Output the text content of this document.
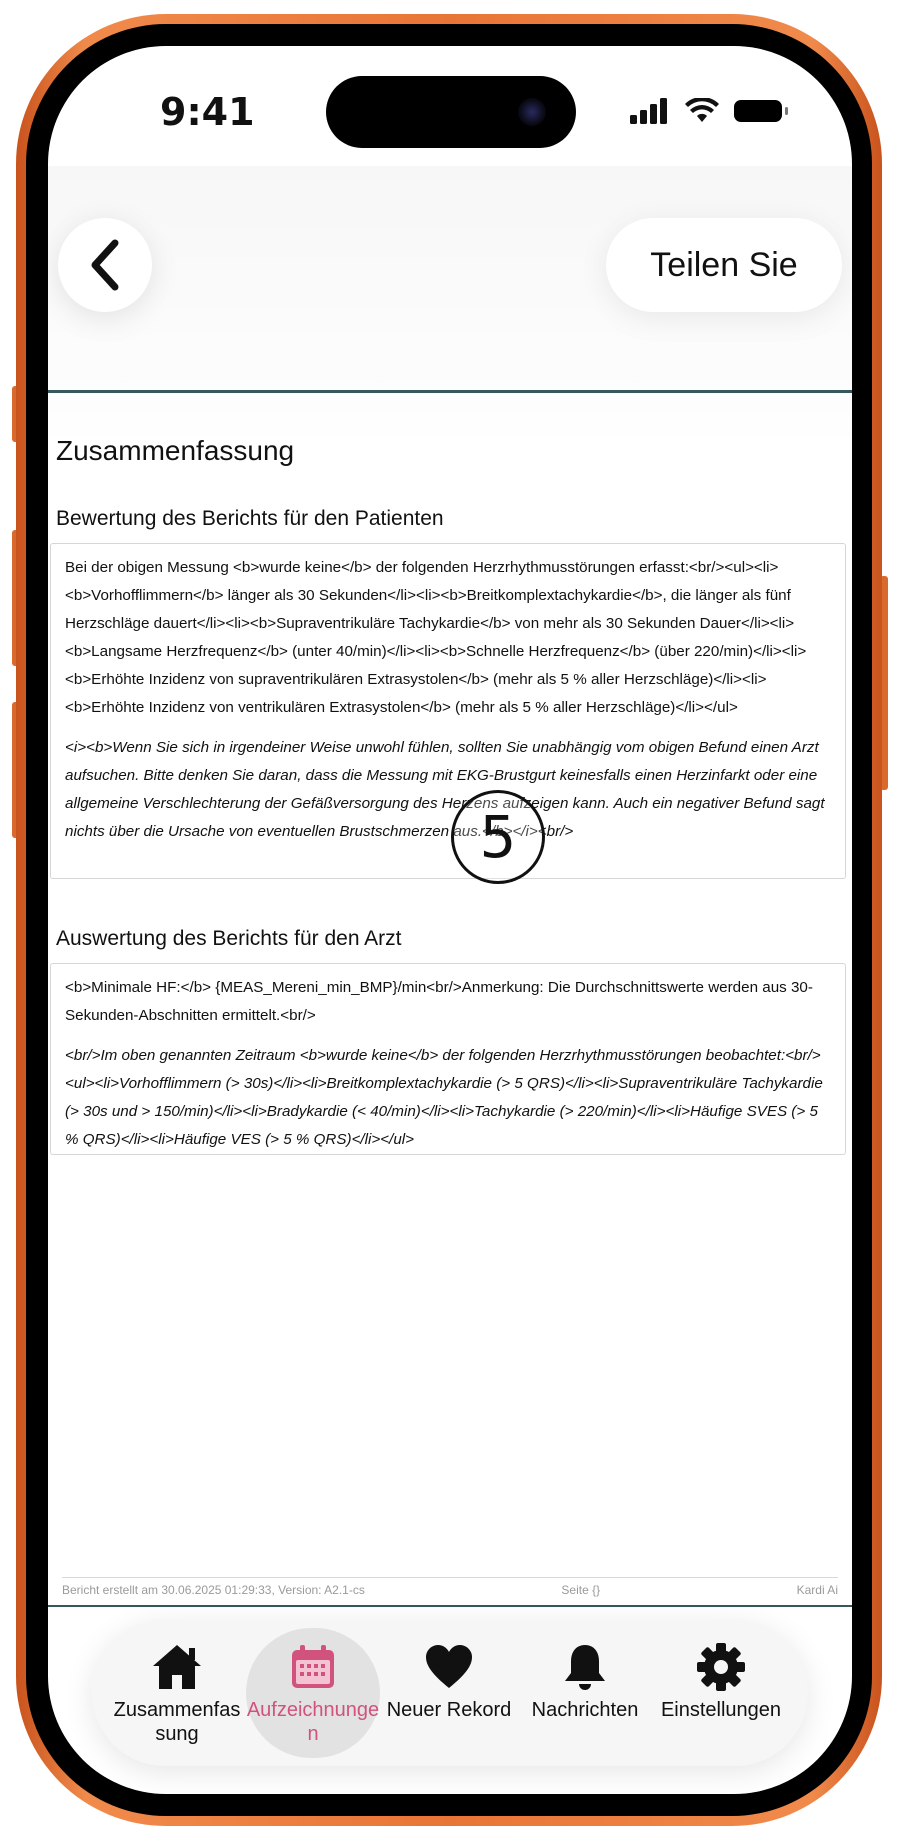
9:41
Teilen Sie
Zusammenfassung
Bewertung des Berichts für den Patienten

Bei der obigen Messung <b>wurde keine</b> der folgenden Herzrhythmusstörungen erfasst:<br/><ul><li><b>Vorhofflimmern</b> länger als 30 Sekunden</li><li><b>Breitkomplextachykardie</b>, die länger als fünf Herzschläge dauert</li><li><b>Supraventrikuläre Tachykardie</b> von mehr als 30 Sekunden Dauer</li><li><b>Langsame Herzfrequenz</b> (unter 40/min)</li><li><b>Schnelle Herzfrequenz</b> (über 220/min)</li><li><b>Erhöhte Inzidenz von supraventrikulären Extrasystolen</b> (mehr als 5 % aller Herzschläge)</li><li><b>Erhöhte Inzidenz von ventrikulären Extrasystolen</b> (mehr als 5 % aller Herzschläge)</li></ul>

<i><b>Wenn Sie sich in irgendeiner Weise unwohl fühlen, sollten Sie unabhängig vom obigen Befund einen Arzt aufsuchen. Bitte denken Sie daran, dass die Messung mit EKG-Brustgurt keinesfalls einen Herzinfarkt oder eine allgemeine Verschlechterung der Gefäßversorgung des Herzens aufzeigen kann. Auch ein negativer Befund sagt nichts über die Ursache von eventuellen Brustschmerzen aus.</b></i><br/>

Auswertung des Berichts für den Arzt

<b>Minimale HF:</b> {MEAS_Mereni_min_BMP}/min<br/>Anmerkung: Die Durchschnittswerte werden aus 30-Sekunden-Abschnitten ermittelt.<br/>

<br/>Im oben genannten Zeitraum <b>wurde keine</b> der folgenden Herzrhythmusstörungen beobachtet:<br/><ul><li>Vorhofflimmern (> 30s)</li><li>Breitkomplextachykardie (> 5 QRS)</li><li>Supraventrikuläre Tachykardie (> 30s und > 150/min)</li><li>Bradykardie (< 40/min)</li><li>Tachykardie (> 220/min)</li><li>Häufige SVES (> 5 % QRS)</li><li>Häufige VES (> 5 % QRS)</li></ul>

Bericht erstellt am 30.06.2025 01:29:33, Version: A2.1-cs	Seite {}	Kardi Ai
5
Zusammenfassung
Aufzeichnungen
Neuer Rekord	Nachrichten	Einstellungen
